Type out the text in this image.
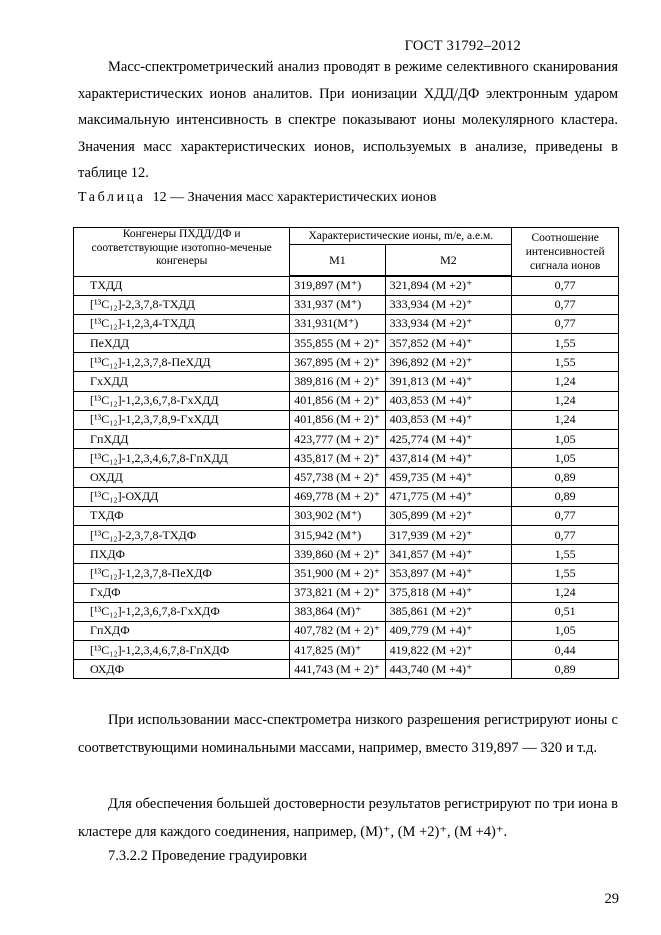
ГОСТ 31792–2012
Масс-спектрометрический анализ проводят в режиме селективного сканирования характеристических ионов аналитов. При ионизации ХДД/ДФ электронным ударом максимальную интенсивность в спектре показывают ионы молекулярного кластера. Значения масс характеристических ионов, используемых в анализе, приведены в таблице 12.
Таблица 12 — Значения масс характеристических ионов
Конгенеры ПХДД/ДФ и соответствующие изотопно-меченые конгенеры	Характеристические ионы, m/e, а.е.м.		Соотношение интенсивностей сигнала ионов
	М1	М2	
ТХДД	319,897 (M⁺)	321,894 (M +2)⁺	0,77
[¹³C₁₂]-2,3,7,8-ТХДД	331,937 (M⁺)	333,934 (M +2)⁺	0,77
[¹³C₁₂]-1,2,3,4-ТХДД	331,931(M⁺)	333,934 (M +2)⁺	0,77
ПеХДД	355,855 (M + 2)⁺	357,852 (M +4)⁺	1,55
[¹³C₁₂]-1,2,3,7,8-ПеХДД	367,895 (M + 2)⁺	396,892 (M +2)⁺	1,55
ГхХДД	389,816 (M + 2)⁺	391,813 (M +4)⁺	1,24
[¹³C₁₂]-1,2,3,6,7,8-ГхХДД	401,856 (M + 2)⁺	403,853 (M +4)⁺	1,24
[¹³C₁₂]-1,2,3,7,8,9-ГхХДД	401,856 (M + 2)⁺	403,853 (M +4)⁺	1,24
ГпХДД	423,777 (M + 2)⁺	425,774 (M +4)⁺	1,05
[¹³C₁₂]-1,2,3,4,6,7,8-ГпХДД	435,817 (M + 2)⁺	437,814 (M +4)⁺	1,05
ОХДД	457,738 (M + 2)⁺	459,735 (M +4)⁺	0,89
[¹³C₁₂]-ОХДД	469,778 (M + 2)⁺	471,775 (M +4)⁺	0,89
ТХДФ	303,902 (M⁺)	305,899 (M +2)⁺	0,77
[¹³C₁₂]-2,3,7,8-ТХДФ	315,942 (M⁺)	317,939 (M +2)⁺	0,77
ПХДФ	339,860 (M + 2)⁺	341,857 (M +4)⁺	1,55
[¹³C₁₂]-1,2,3,7,8-ПеХДФ	351,900 (M + 2)⁺	353,897 (M +4)⁺	1,55
ГхДФ	373,821 (M + 2)⁺	375,818 (M +4)⁺	1,24
[¹³C₁₂]-1,2,3,6,7,8-ГхХДФ	383,864 (M)⁺	385,861 (M +2)⁺	0,51
ГпХДФ	407,782 (M + 2)⁺	409,779 (M +4)⁺	1,05
[¹³C₁₂]-1,2,3,4,6,7,8-ГпХДФ	417,825 (M)⁺	419,822 (M +2)⁺	0,44
ОХДФ	441,743 (M + 2)⁺	443,740 (M +4)⁺	0,89
При использовании масс-спектрометра низкого разрешения регистрируют ионы с соответствующими номинальными массами, например, вместо 319,897 — 320 и т.д.
Для обеспечения большей достоверности результатов регистрируют по три иона в кластере для каждого соединения, например, (M)⁺, (M +2)⁺, (M +4)⁺.
7.3.2.2 Проведение градуировки
29
